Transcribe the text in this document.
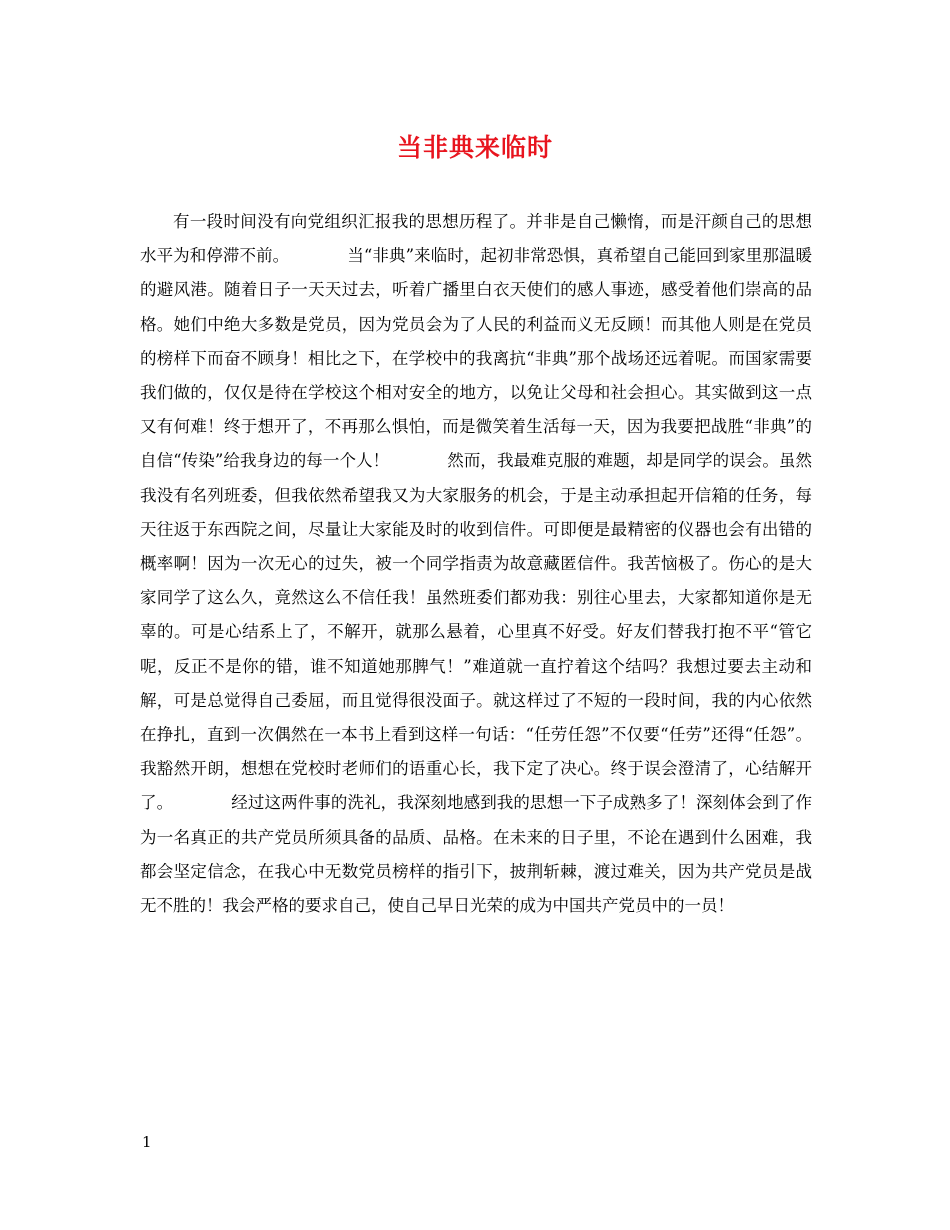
当非典来临时

有一段时间没有向党组织汇报我的思想历程了。并非是自己懒惰，而是汗颜自己的思想水平为和停滞不前。	当“非典”来临时，起初非常恐惧，真希望自己能回到家里那温暖的避风港。随着日子一天天过去，听着广播里白衣天使们的感人事迹，感受着他们崇高的品格。她们中绝大多数是党员，因为党员会为了人民的利益而义无反顾！而其他人则是在党员的榜样下而奋不顾身！相比之下，在学校中的我离抗“非典”那个战场还远着呢。而国家需要我们做的，仅仅是待在学校这个相对安全的地方，以免让父母和社会担心。其实做到这一点又有何难！终于想开了，不再那么惧怕，而是微笑着生活每一天，因为我要把战胜“非典”的自信“传染”给我身边的每一个人！	然而，我最难克服的难题，却是同学的误会。虽然我没有名列班委，但我依然希望我又为大家服务的机会，于是主动承担起开信箱的任务，每天往返于东西院之间，尽量让大家能及时的收到信件。可即便是最精密的仪器也会有出错的概率啊！因为一次无心的过失，被一个同学指责为故意藏匿信件。我苦恼极了。伤心的是大家同学了这么久，竟然这么不信任我！虽然班委们都劝我：别往心里去，大家都知道你是无辜的。可是心结系上了，不解开，就那么悬着，心里真不好受。好友们替我打抱不平“管它呢，反正不是你的错，谁不知道她那脾气！”难道就一直拧着这个结吗？我想过要去主动和解，可是总觉得自己委屈，而且觉得很没面子。就这样过了不短的一段时间，我的内心依然在挣扎，直到一次偶然在一本书上看到这样一句话：“任劳任怨”不仅要“任劳”还得“任怨”。我豁然开朗，想想在党校时老师们的语重心长，我下定了决心。终于误会澄清了，心结解开了。	经过这两件事的洗礼，我深刻地感到我的思想一下子成熟多了！深刻体会到了作为一名真正的共产党员所须具备的品质、品格。在未来的日子里，不论在遇到什么困难，我都会坚定信念，在我心中无数党员榜样的指引下，披荆斩棘，渡过难关，因为共产党员是战无不胜的！我会严格的要求自己，使自己早日光荣的成为中国共产党员中的一员！

1
